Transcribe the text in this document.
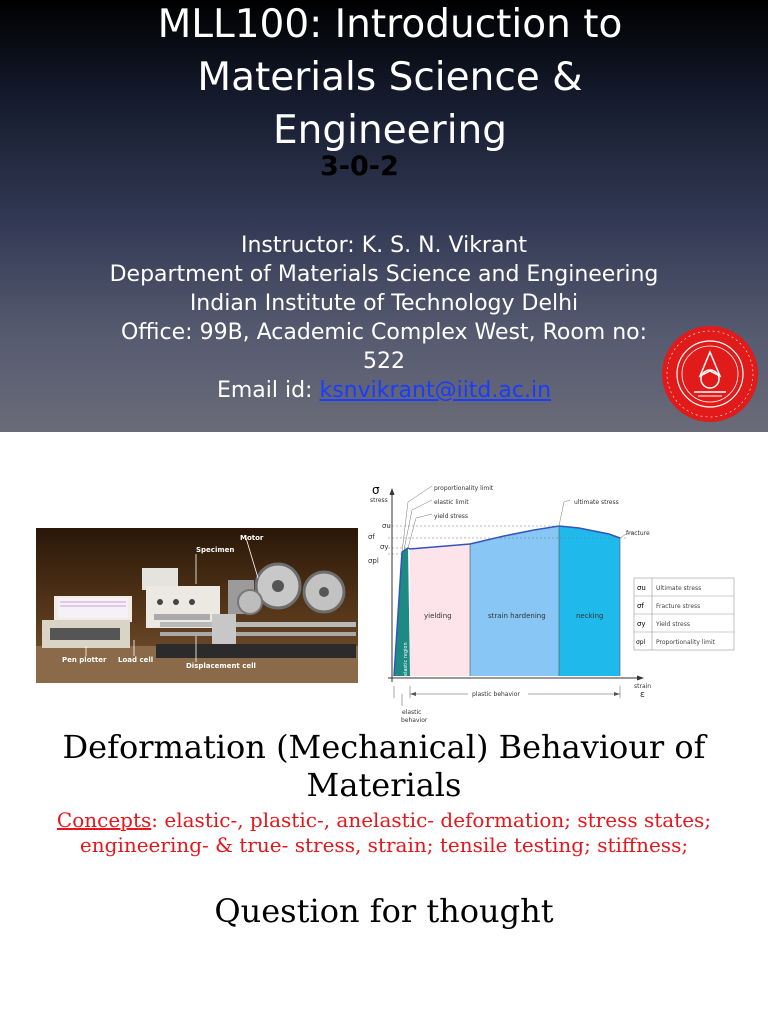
MLL100: Introduction to
Materials Science &
Engineering
3-0-2
Instructor: K. S. N. Vikrant
Department of Materials Science and Engineering
Indian Institute of Technology Delhi
Office: 99B, Academic Complex West, Room no:
522
Email id: ksnvikrant@iitd.ac.in
Specimen
Motor
Pen plotter Load cell
Displacement cell
σ
stress
strain
ε
σu
σf
σy
σpl
proportionality limit
elastic limit
yield stress
ultimate stress
fracture
elastic region
yielding	strain hardening	necking
plastic behavior
elastic
behavior
σu Ultimate stress
σf Fracture stress
σy Yield stress
σpl Proportionality limit
Deformation (Mechanical) Behaviour of
Materials
Concepts: elastic-, plastic-, anelastic- deformation; stress states; engineering- & true- stress, strain; tensile testing; stiffness;
Question for thought
